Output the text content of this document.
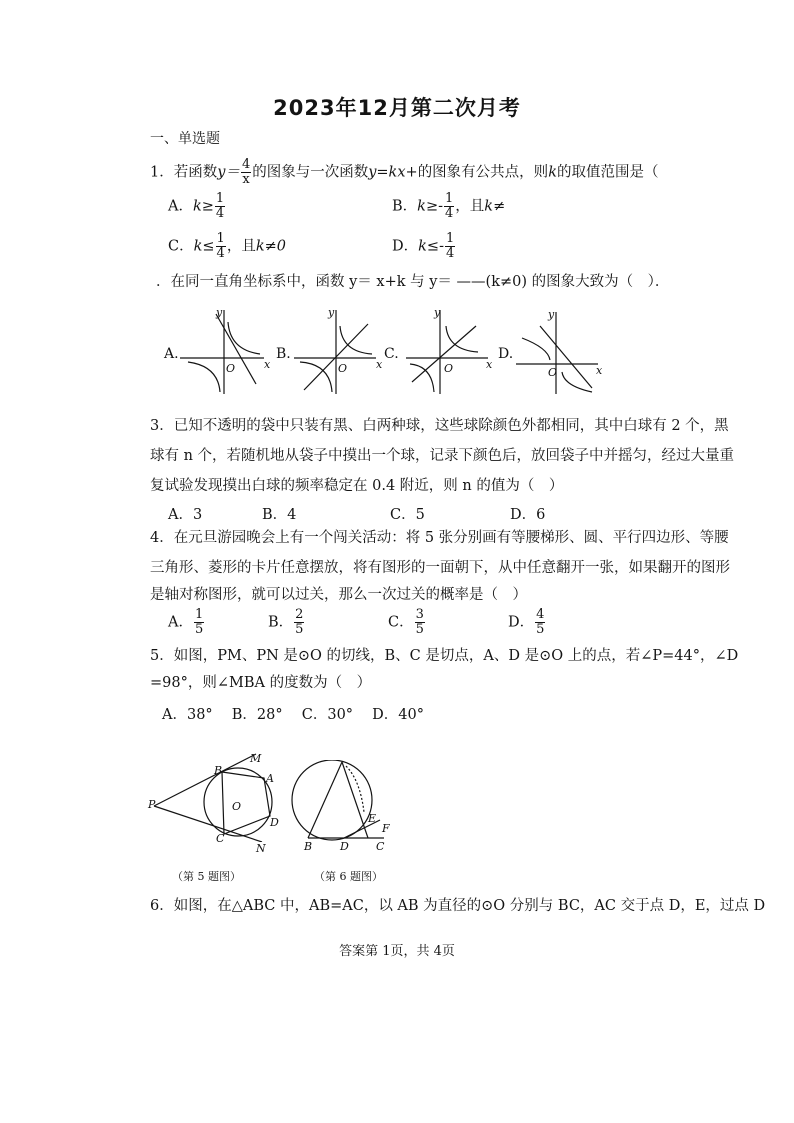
2023年12月第二次月考
一、单选题
1．若函数$y= \frac{4}{x}$ 的图象与一次函数y=kx+的图象有公共点，则k的取值范围是（
A．$k\ge \frac{1}{4}$	B．$k\ge- \frac{1}{4}$ ，且k≠
C．$k\le \frac{1}{4}$ ，且k≠0	D．$k\le- \frac{1}{4}$
．在同一直角坐标系中，函数 y＝ x+k 与 y＝ ——(k≠0) 的图象大致为（　）．
A.	B.	C.	D.
x	x	x	x
y	y	y	y
O	O	O	O
3．已知不透明的袋中只装有黑、白两种球，这些球除颜色外都相同，其中白球有 2 个，黑
球有 n 个，若随机地从袋子中摸出一个球，记录下颜色后，放回袋子中并摇匀，经过大量重
复试验发现摸出白球的频率稳定在 0.4 附近，则 n 的值为（　）
A．3	B．4	C．5	D．6
4．在元旦游园晚会上有一个闯关活动：将 5 张分别画有等腰梯形、圆、平行四边形、等腰
三角形、菱形的卡片任意摆放，将有图形的一面朝下，从中任意翻开一张，如果翻开的图形
是轴对称图形，就可以过关，那么一次过关的概率是（　）
A． $\frac{1}{5}$	B． $\frac{2}{5}$	C． $\frac{3}{5}$	D． $\frac{4}{5}$
5．如图，PM、PN 是⊙O 的切线，B、C 是切点，A、D 是⊙O 上的点，若∠P=44°，∠D
=98°，则∠MBA 的度数为（　）
A．38°　 B．28°　 C．30°　 D．40°
P
B
M
A
O
D
C
N
（第 5 题图）
B	D C
E
F
（第 6 题图）
6．如图，在△ABC 中，AB=AC，以 AB 为直径的⊙O 分别与 BC，AC 交于点 D，E，过点 D
答案第 1页，共 4页
